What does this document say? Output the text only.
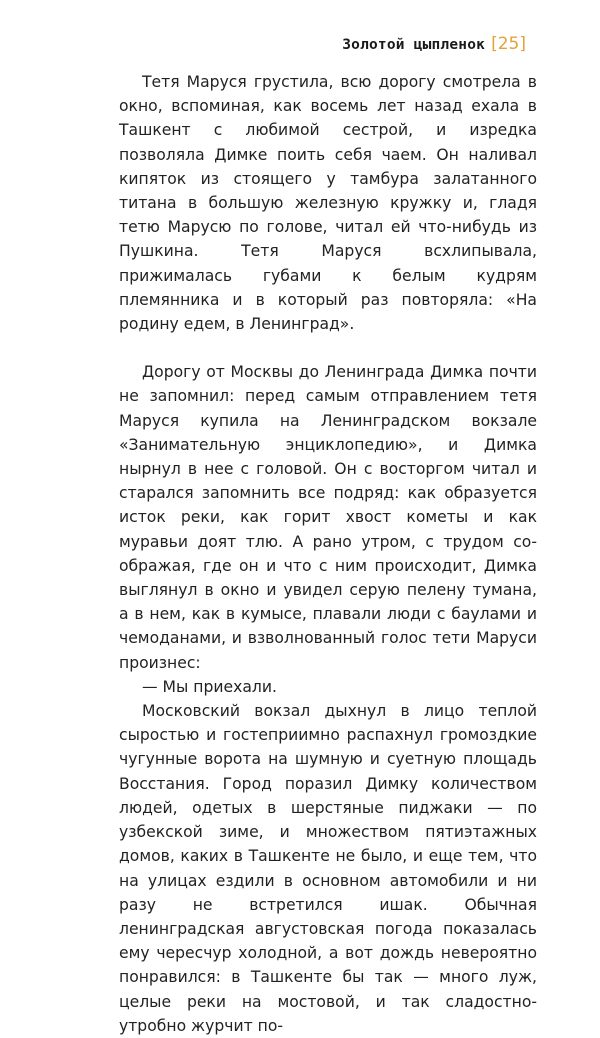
Золотой цыпленок [25]

Тетя Маруся грустила, всю дорогу смотрела в окно, вспоминая, как восемь лет назад ехала в Ташкент с любимой сестрой, и изредка позволяла Димке поить себя чаем. Он наливал кипяток из стоящего у тамбура залатанного титана в большую железную кружку и, гладя тетю Марусю по голове, читал ей что-нибудь из Пушкина. Тетя Маруся всхлипывала, прижималась губами к белым кудрям племянника и в который раз повторяла: «На родину едем, в Ленинград».

Дорогу от Москвы до Ленинграда Димка почти не запомнил: перед самым отправлением тетя Маруся купила на Ленинградском вокзале «Занимательную энциклопедию», и Димка нырнул в нее с головой. Он с восторгом читал и старался запомнить все подряд: как образуется исток реки, как горит хвост кометы и как муравьи доят тлю. А рано утром, с трудом соображая, где он и что с ним происходит, Димка выглянул в окно и увидел серую пелену тумана, а в нем, как в кумысе, плавали люди с баулами и чемоданами, и взволнованный голос тети Маруси произнес:

— Мы приехали.

Московский вокзал дыхнул в лицо теплой сыростью и гостеприимно распахнул громоздкие чугунные ворота на шумную и суетную площадь Восстания. Город поразил Димку количеством людей, одетых в шерстяные пиджаки — по узбекской зиме, и множеством пятиэтажных домов, каких в Ташкенте не было, и еще тем, что на улицах ездили в основном автомобили и ни разу не встретился ишак. Обычная ленинградская августовская погода показалась ему чересчур холодной, а вот дождь невероятно понравился: в Ташкенте бы так — много луж, целые реки на мостовой, и так сладостно-утробно журчит по-
